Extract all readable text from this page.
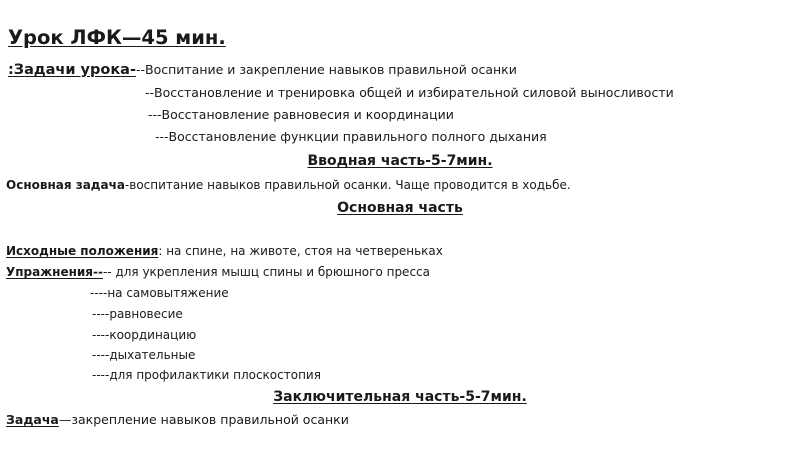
Урок ЛФК—45 мин.
:Задачи урока---Воспитание и закрепление навыков правильной осанки
--Восстановление и тренировка общей и избирательной силовой выносливости
---Восстановление равновесия и координации
---Восстановление функции правильного полного дыхания
Вводная часть-5-7мин.
Основная задача-воспитание навыков правильной осанки. Чаще проводится в ходьбе.
Основная часть
Исходные положения: на спине, на животе, стоя на четвереньках
Упражнения---- для укрепления мышц спины и брюшного пресса
----на самовытяжение
----равновесие
----координацию
----дыхательные
----для профилактики плоскостопия
Заключительная часть-5-7мин.
Задача—закрепление навыков правильной осанки
